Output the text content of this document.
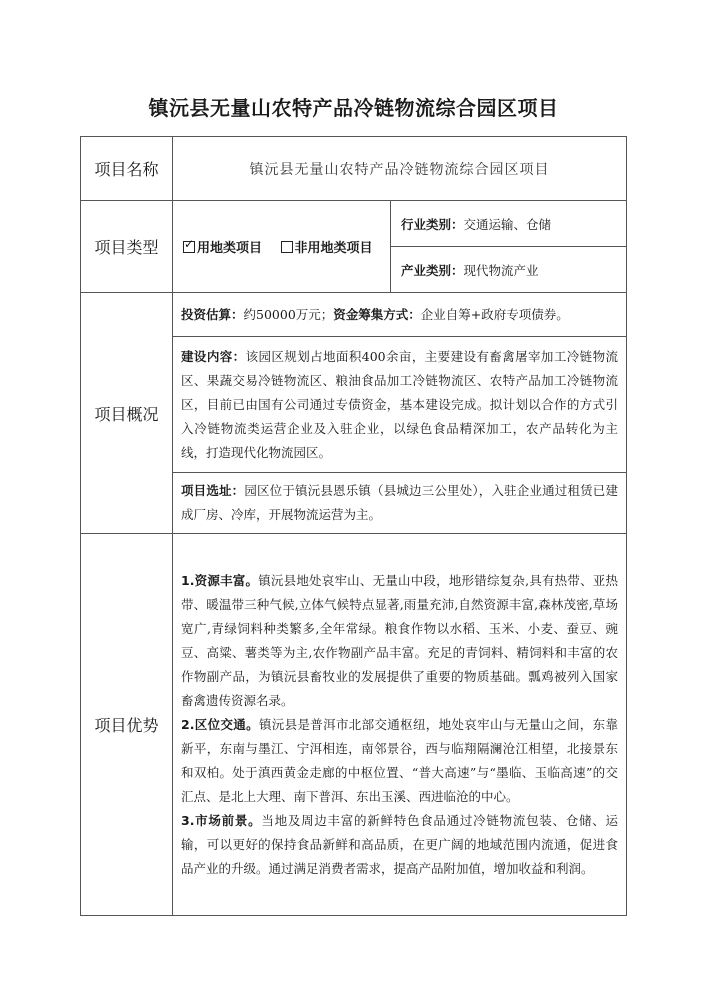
镇沅县无量山农特产品冷链物流综合园区项目
项目名称	镇沅县无量山农特产品冷链物流综合园区项目	
项目类型	✓用地类项目 非用地类项目	行业类别：交通运输、仓储
		产业类别：现代物流产业
项目概况	投资估算：约50000万元；资金筹集方式：企业自筹+政府专项债券。	
	建设内容：该园区规划占地面积400余亩，主要建设有畜禽屠宰加工冷链物流区、果蔬交易冷链物流区、粮油食品加工冷链物流区、农特产品加工冷链物流区，目前已由国有公司通过专债资金，基本建设完成。拟计划以合作的方式引入冷链物流类运营企业及入驻企业，以绿色食品精深加工，农产品转化为主线，打造现代化物流园区。	
	项目选址：园区位于镇沅县恩乐镇（县城边三公里处），入驻企业通过租赁已建成厂房、冷库，开展物流运营为主。	
项目优势	1.资源丰富。镇沅县地处哀牢山、无量山中段，地形错综复杂,具有热带、亚热带、暖温带三种气候,立体气候特点显著,雨量充沛,自然资源丰富,森林茂密,草场宽广,青绿饲料种类繁多,全年常绿。粮食作物以水稻、玉米、小麦、蚕豆、豌豆、高粱、薯类等为主,农作物副产品丰富。充足的青饲料、精饲料和丰富的农作物副产品，为镇沅县畜牧业的发展提供了重要的物质基础。瓢鸡被列入国家畜禽遗传资源名录。

2.区位交通。镇沅县是普洱市北部交通枢纽，地处哀牢山与无量山之间，东靠新平，东南与墨江、宁洱相连，南邻景谷，西与临翔隔澜沧江相望，北接景东和双柏。处于滇西黄金走廊的中枢位置、“普大高速”与“墨临、玉临高速”的交汇点、是北上大理、南下普洱、东出玉溪、西进临沧的中心。

3.市场前景。当地及周边丰富的新鲜特色食品通过冷链物流包装、仓储、运输，可以更好的保持食品新鲜和高品质，在更广阔的地域范围内流通，促进食品产业的升级。通过满足消费者需求，提高产品附加值，增加收益和利润。	
